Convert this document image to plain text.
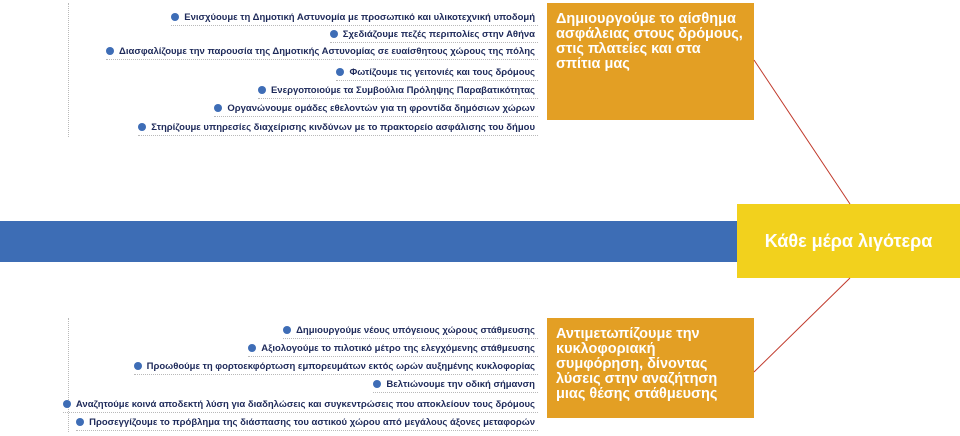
Ενισχύουμε τη Δημοτική Αστυνομία με προσωπικό και υλικοτεχνική υποδομή
Σχεδιάζουμε πεζές περιπολίες στην Αθήνα
Διασφαλίζουμε την παρουσία της Δημοτικής Αστυνομίας σε ευαίσθητους χώρους της πόλης
Φωτίζουμε τις γειτονιές και τους δρόμους
Ενεργοποιούμε τα Συμβούλια Πρόληψης Παραβατικότητας
Οργανώνουμε ομάδες εθελοντών για τη φροντίδα δημόσιων χώρων
Στηρίζουμε υπηρεσίες διαχείρισης κινδύνων με το πρακτορείο ασφάλισης του δήμου
Δημιουργούμε το αίσθημα ασφάλειας στους δρόμους, στις πλατείες και στα σπίτια μας
Κάθε μέρα λιγότερα
Δημιουργούμε νέους υπόγειους χώρους στάθμευσης
Αξιολογούμε το πιλοτικό μέτρο της ελεγχόμενης στάθμευσης
Προωθούμε τη φορτοεκφόρτωση εμπορευμάτων εκτός ωρών αυξημένης κυκλοφορίας
Βελτιώνουμε την οδική σήμανση
Αναζητούμε κοινά αποδεκτή λύση για διαδηλώσεις και συγκεντρώσεις που αποκλείουν τους δρόμους
Προσεγγίζουμε το πρόβλημα της διάσπασης του αστικού χώρου από μεγάλους άξονες μεταφορών
Αντιμετωπίζουμε την κυκλοφοριακή συμφόρηση, δίνοντας λύσεις στην αναζήτηση μιας θέσης στάθμευσης
